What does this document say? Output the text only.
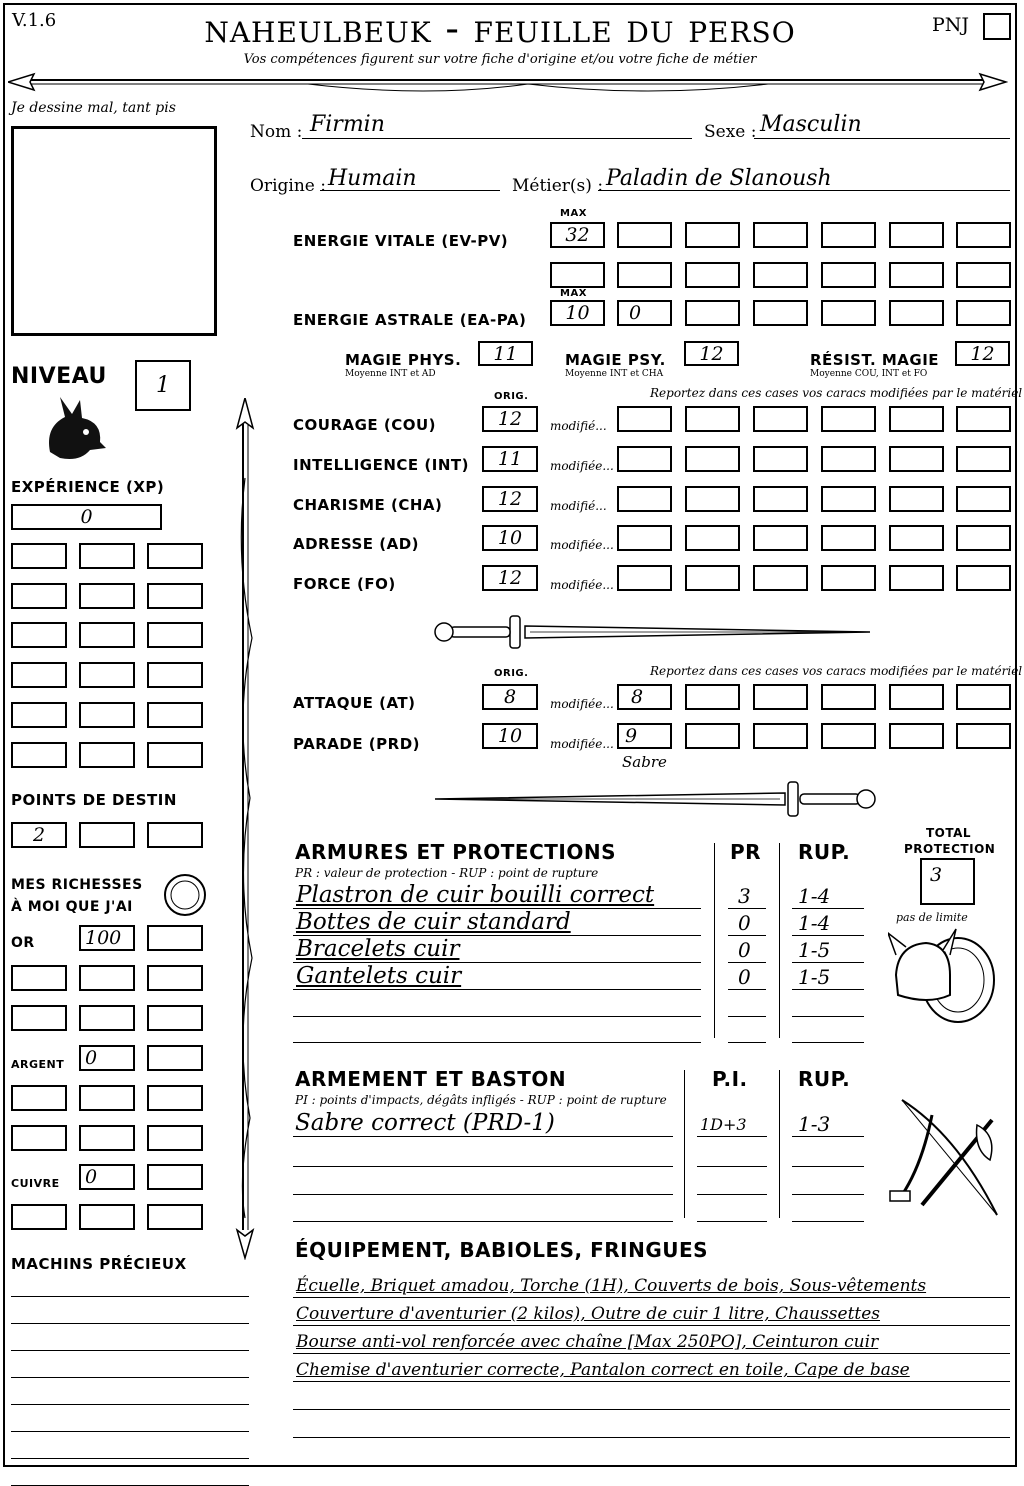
V.1.6	naheulbeuk - feuille du perso
Vos compétences figurent sur votre fiche d'origine et/ou votre fiche de métier
PNJ
Je dessine mal, tant pis
Nom : Firmin	Sexe : Masculin
Origine : Humain	Métier(s) : Paladin de Slanoush
MAX
ENERGIE VITALE (EV-PV)	32
MAX
ENERGIE ASTRALE (EA-PA)	10	0
MAGIE PHYS.
Moyenne INT et AD
11	MAGIE PSY.
Moyenne INT et CHA
12	RÉSIST. MAGIE
Moyenne COU, INT et FO
12
ORIG.	Reportez dans ces cases vos caracs modifiées par le matériel
ORIG.	Reportez dans ces cases vos caracs modifiées par le matériel
ATTAQUE (AT)	8	modifiée... 8
PARADE (PRD)	10	modifiée... 9
Sabre
NIVEAU	1
EXPÉRIENCE (XP)
0
POINTS DE DESTIN
2
MES RICHESSES
À MOI QUE J'AI
OR
ARGENT
CUIVRE
MACHINS PRÉCIEUX
ARMURES ET PROTECTIONS
PR : valeur de protection - RUP : point de rupture
PR RUP.
TOTAL
PROTECTION
3
pas de limite
ARMEMENT ET BASTON
PI : points d'impacts, dégâts infligés - RUP : point de rupture
P.I.	RUP.
ÉQUIPEMENT, BABIOLES, FRINGUES
COURAGE (COU)	12	modifié...
INTELLIGENCE (INT)	11	modifiée...
CHARISME (CHA)	12	modifié...
ADRESSE (AD)	10	modifiée...
FORCE (FO)	12	modifiée...
100
0
0
Plastron de cuir bouilli correct	3 1-4
Bottes de cuir standard	0 1-4
Bracelets cuir	0 1-5
Gantelets cuir	0 1-5
Sabre correct (PRD-1)	1D+3	1-3
Écuelle, Briquet amadou, Torche (1H), Couverts de bois, Sous-vêtements
Couverture d'aventurier (2 kilos), Outre de cuir 1 litre, Chaussettes
Bourse anti-vol renforcée avec chaîne [Max 250PO], Ceinturon cuir
Chemise d'aventurier correcte, Pantalon correct en toile, Cape de base
